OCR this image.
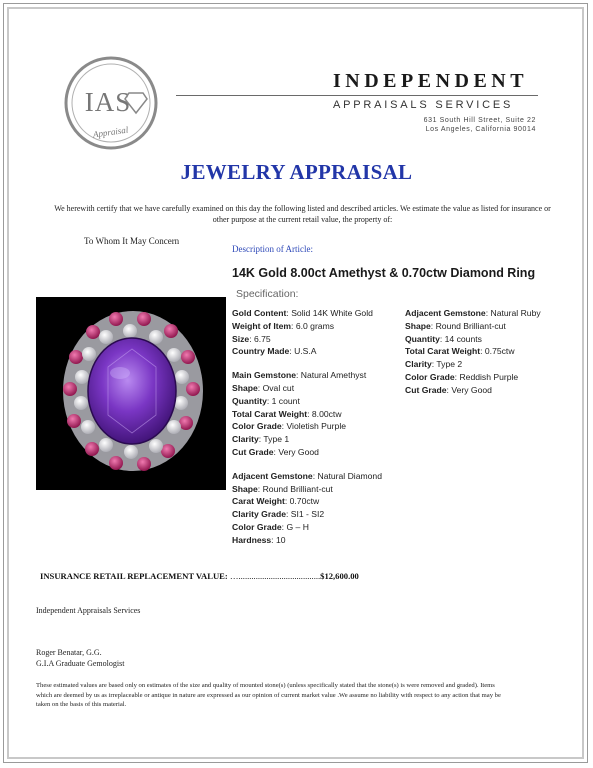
IAS
Appraisal
INDEPENDENT
APPRAISALS SERVICES
631 South Hill Street, Suite 22
Los Angeles, California 90014
JEWELRY APPRAISAL
We herewith certify that we have carefully examined on this day the following listed and described articles. We estimate the value as listed for insurance or other purpose at the current retail value, the property of:
To Whom It May Concern
Description of Article:
14K Gold 8.00ct Amethyst & 0.70ctw Diamond Ring
Specification:
Gold Content: Solid 14K White Gold
Weight of Item: 6.0 grams
Size: 6.75
Country Made: U.S.A
Main Gemstone: Natural Amethyst
Shape: Oval cut
Quantity: 1 count
Total Carat Weight: 8.00ctw
Color Grade: Violetish Purple
Clarity: Type 1
Cut Grade: Very Good
Adjacent Gemstone: Natural Diamond
Shape: Round Brilliant-cut
Carat Weight: 0.70ctw
Clarity Grade: SI1 - SI2
Color Grade: G – H
Hardness: 10
Adjacent Gemstone: Natural Ruby
Shape: Round Brilliant-cut
Quantity: 14 counts
Total Carat Weight: 0.75ctw
Clarity: Type 2
Color Grade: Reddish Purple
Cut Grade: Very Good
INSURANCE RETAIL REPLACEMENT VALUE: …......................................$12,600.00
Independent Appraisals Services
Roger Benatar, G.G.
G.I.A Graduate Gemologist
These estimated values are based only on estimates of the size and quality of mounted stone(s) (unless specifically stated that the stone(s) is were removed and graded). Items which are deemed by us as irreplaceable or antique in nature are expressed as our opinion of current market value .We assume no liability with respect to any action that may be taken on the basis of this material.
